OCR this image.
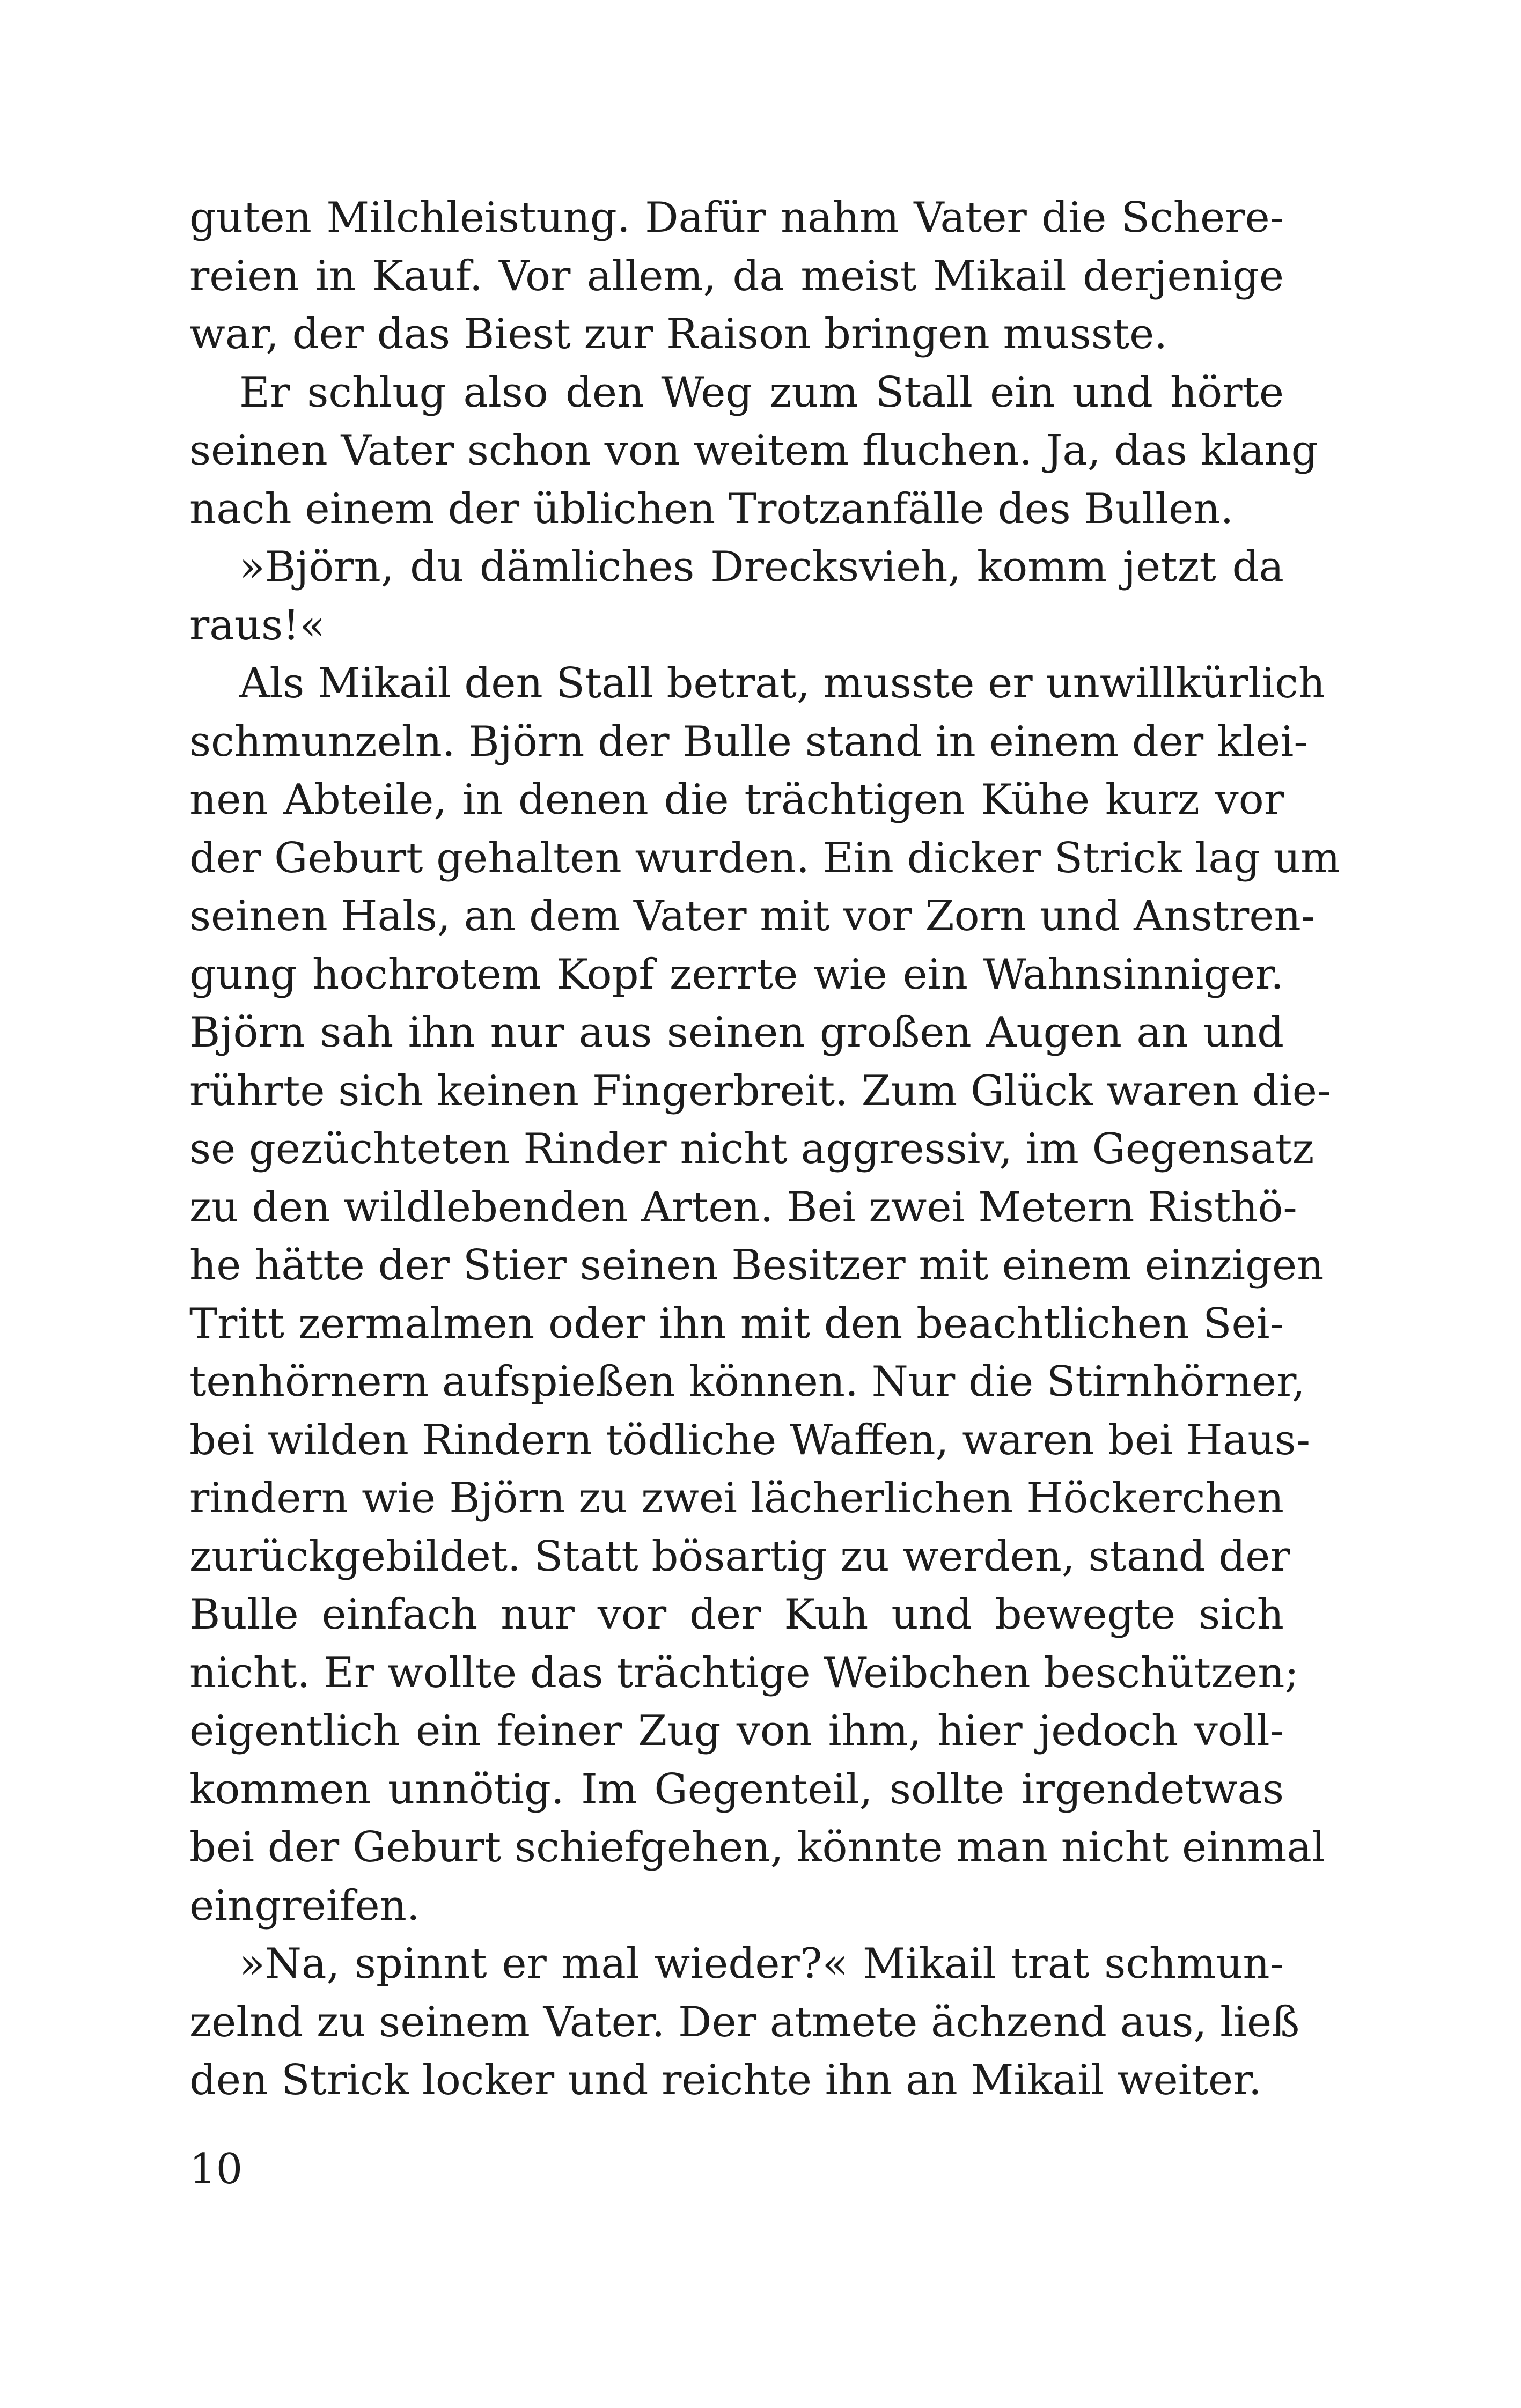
guten Milchleistung. Dafür nahm Vater die Schere-
reien in Kauf. Vor allem, da meist Mikail derjenige
war, der das Biest zur Raison bringen musste.
Er schlug also den Weg zum Stall ein und hörte
seinen Vater schon von weitem fluchen. Ja, das klang
nach einem der üblichen Trotzanfälle des Bullen.
»Björn, du dämliches Drecksvieh, komm jetzt da
raus!«
Als Mikail den Stall betrat, musste er unwillkürlich
schmunzeln. Björn der Bulle stand in einem der klei-
nen Abteile, in denen die trächtigen Kühe kurz vor
der Geburt gehalten wurden. Ein dicker Strick lag um
seinen Hals, an dem Vater mit vor Zorn und Anstren-
gung hochrotem Kopf zerrte wie ein Wahnsinniger.
Björn sah ihn nur aus seinen großen Augen an und
rührte sich keinen Fingerbreit. Zum Glück waren die-
se gezüchteten Rinder nicht aggressiv, im Gegensatz
zu den wildlebenden Arten. Bei zwei Metern Risthö-
he hätte der Stier seinen Besitzer mit einem einzigen
Tritt zermalmen oder ihn mit den beachtlichen Sei-
tenhörnern aufspießen können. Nur die Stirnhörner,
bei wilden Rindern tödliche Waffen, waren bei Haus-
rindern wie Björn zu zwei lächerlichen Höckerchen
zurückgebildet. Statt bösartig zu werden, stand der
Bulle einfach nur vor der Kuh und bewegte sich
nicht. Er wollte das trächtige Weibchen beschützen;
eigentlich ein feiner Zug von ihm, hier jedoch voll-
kommen unnötig. Im Gegenteil, sollte irgendetwas
bei der Geburt schiefgehen, könnte man nicht einmal
eingreifen.
»Na, spinnt er mal wieder?« Mikail trat schmun-
zelnd zu seinem Vater. Der atmete ächzend aus, ließ
den Strick locker und reichte ihn an Mikail weiter.
10
